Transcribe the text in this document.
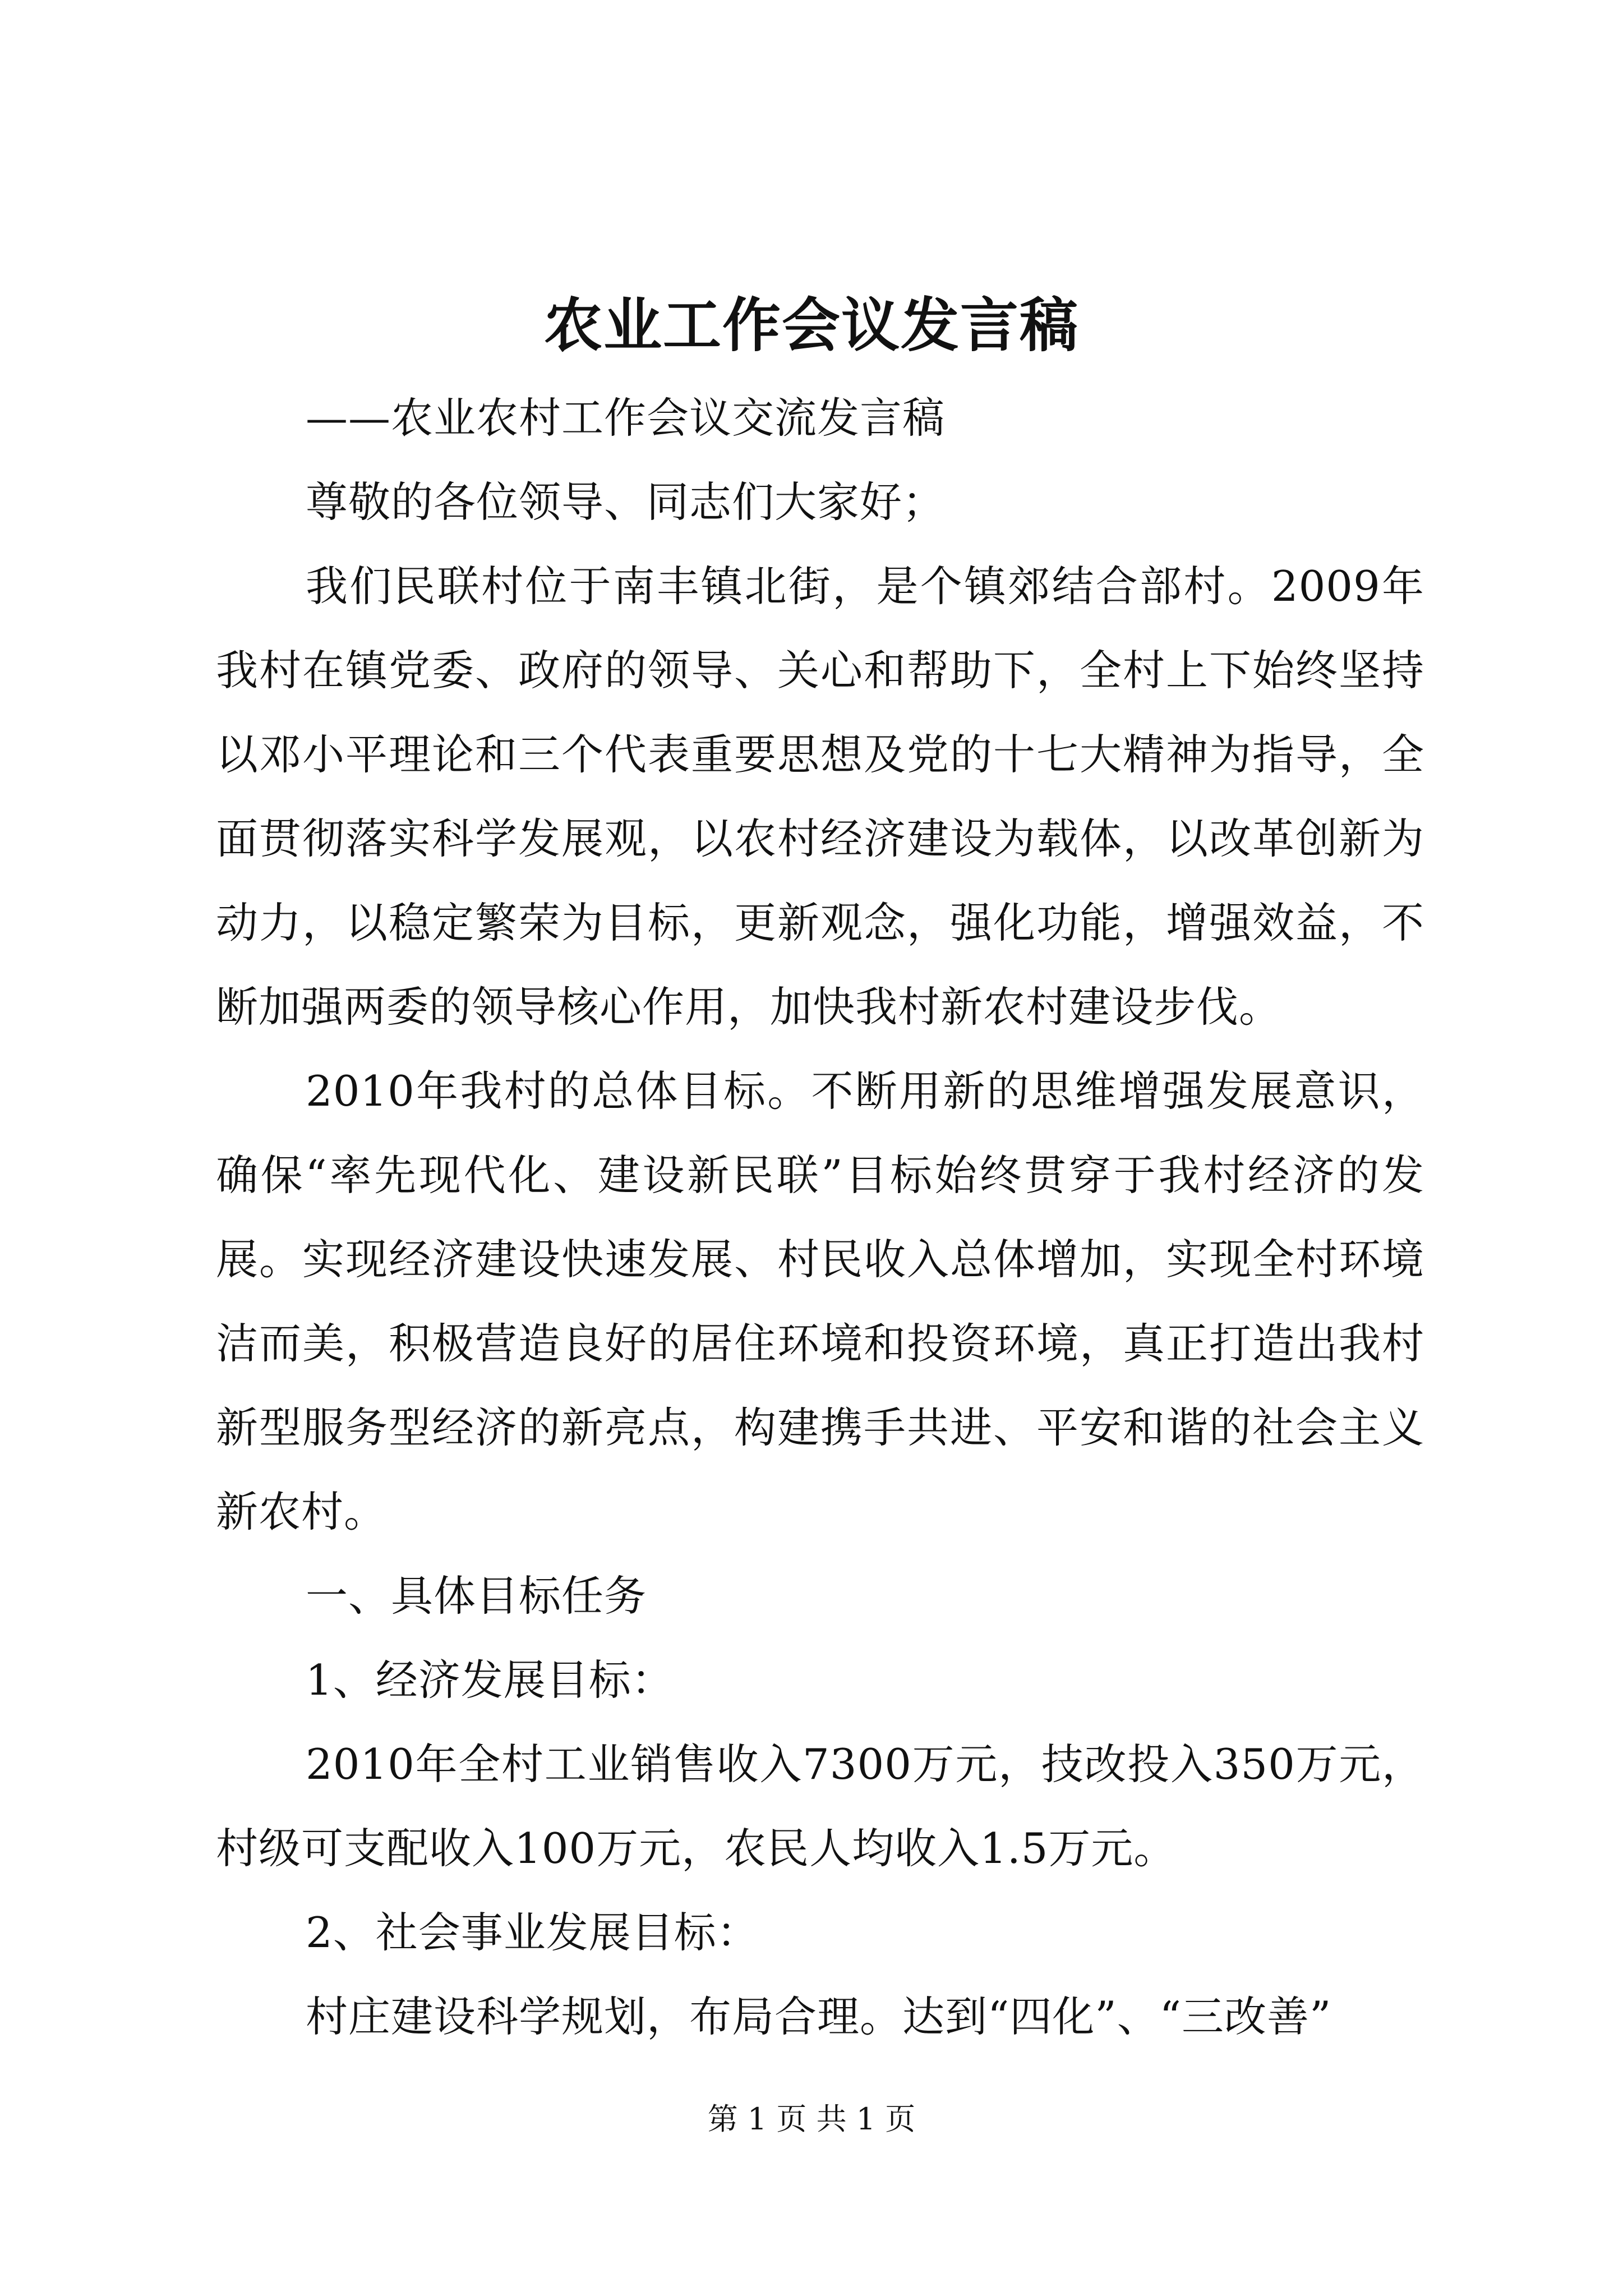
农业工作会议发言稿

——农业农村工作会议交流发言稿

尊敬的各位领导、同志们大家好；

我们民联村位于南丰镇北街，是个镇郊结合部村。2009年我村在镇党委、政府的领导、关心和帮助下，全村上下始终坚持以邓小平理论和三个代表重要思想及党的十七大精神为指导，全面贯彻落实科学发展观，以农村经济建设为载体，以改革创新为动力，以稳定繁荣为目标，更新观念，强化功能，增强效益，不断加强两委的领导核心作用，加快我村新农村建设步伐。

2010年我村的总体目标。不断用新的思维增强发展意识，确保“率先现代化、建设新民联”目标始终贯穿于我村经济的发展。实现经济建设快速发展、村民收入总体增加，实现全村环境洁而美，积极营造良好的居住环境和投资环境，真正打造出我村新型服务型经济的新亮点，构建携手共进、平安和谐的社会主义新农村。

一、具体目标任务

1、经济发展目标：

2010年全村工业销售收入7300万元，技改投入350万元，村级可支配收入100万元，农民人均收入1.5万元。

2、社会事业发展目标：

村庄建设科学规划，布局合理。达到“四化”、“三改善”

第 1 页 共 1 页
